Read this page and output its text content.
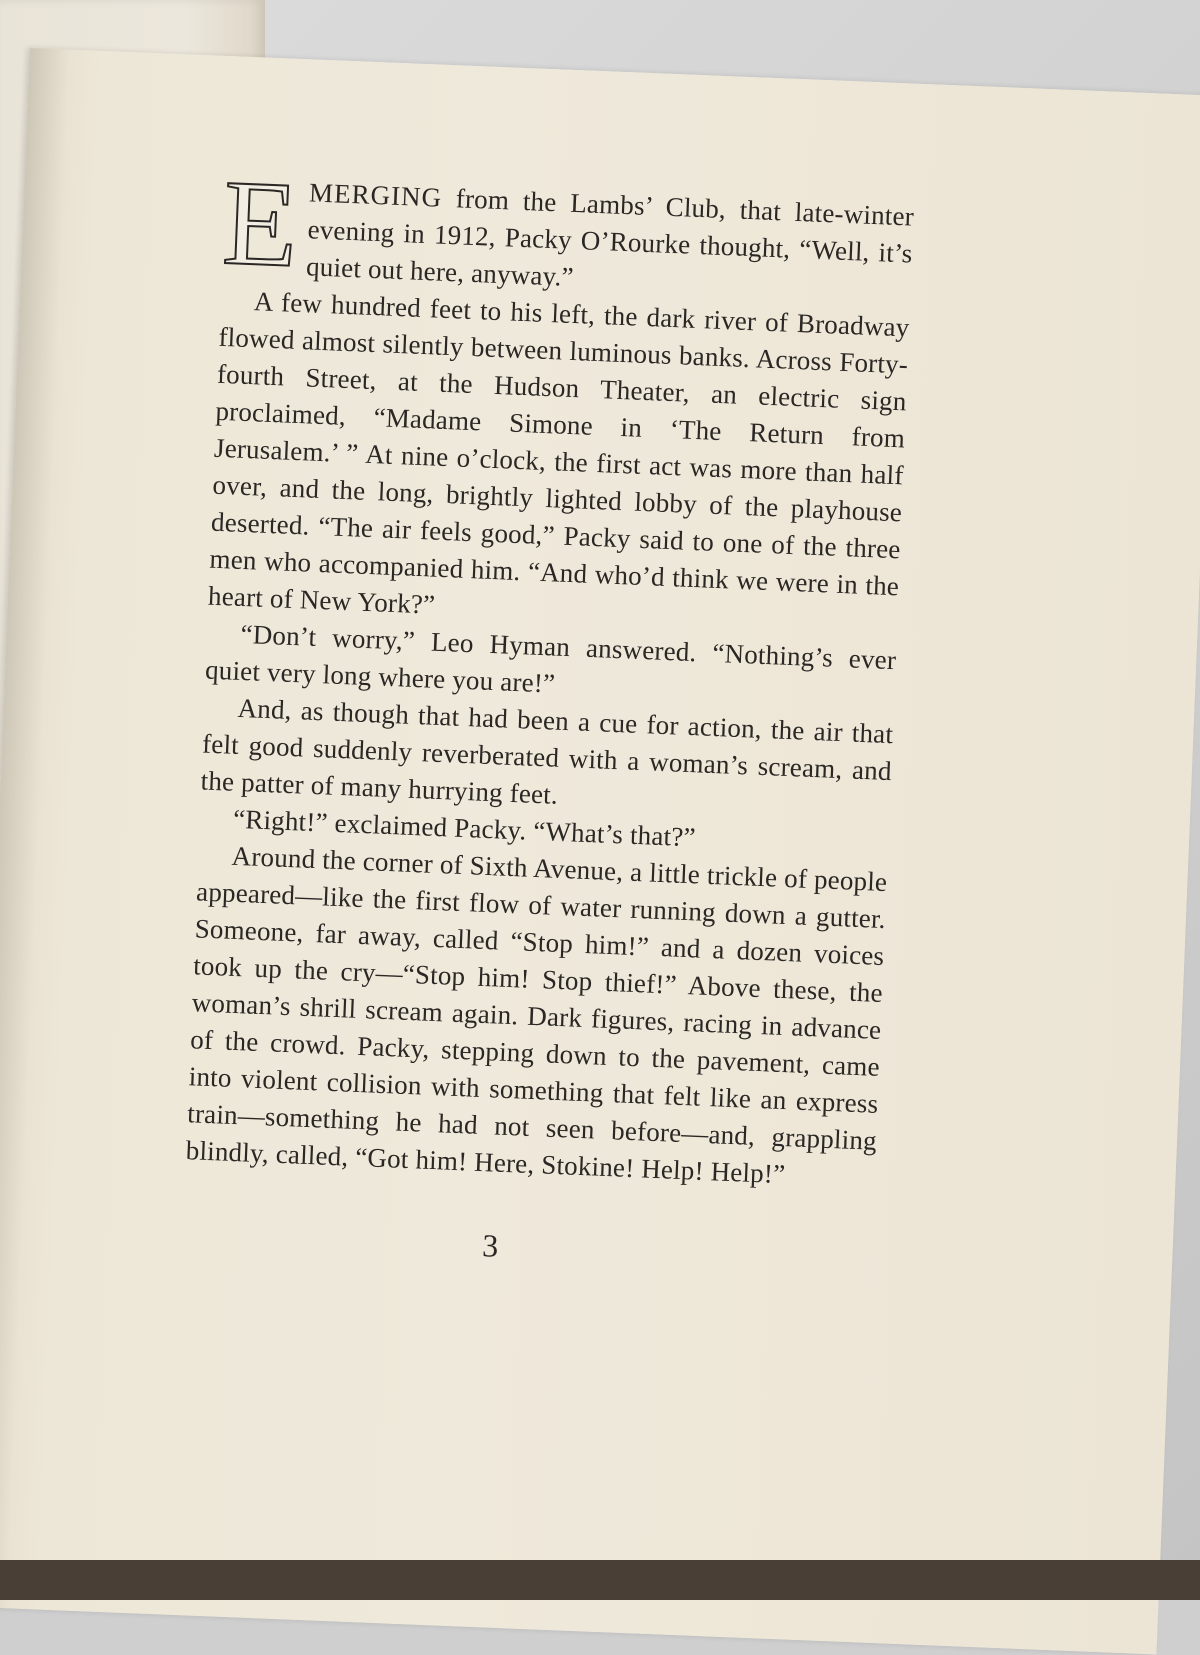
EMERGING from the Lambs’ Club, that late-winter evening in 1912, Packy O’Rourke thought, “Well, it’s quiet out here, anyway.”

A few hundred feet to his left, the dark river of Broadway flowed almost silently between luminous banks. Across Forty-fourth Street, at the Hudson Theater, an electric sign proclaimed, “Madame Simone in ‘The Return from Jerusalem.’ ” At nine o’clock, the first act was more than half over, and the long, brightly lighted lobby of the playhouse deserted. “The air feels good,” Packy said to one of the three men who accompanied him. “And who’d think we were in the heart of New York?”

“Don’t worry,” Leo Hyman answered. “Nothing’s ever quiet very long where you are!”

And, as though that had been a cue for action, the air that felt good suddenly reverberated with a woman’s scream, and the patter of many hurrying feet.

“Right!” exclaimed Packy. “What’s that?”

Around the corner of Sixth Avenue, a little trickle of people appeared—like the first flow of water running down a gutter. Someone, far away, called “Stop him!” and a dozen voices took up the cry—“Stop him! Stop thief!” Above these, the woman’s shrill scream again. Dark figures, racing in advance of the crowd. Packy, stepping down to the pavement, came into violent collision with something that felt like an express train—something he had not seen before—and, grappling blindly, called, “Got him! Here, Stokine! Help! Help!”

3
